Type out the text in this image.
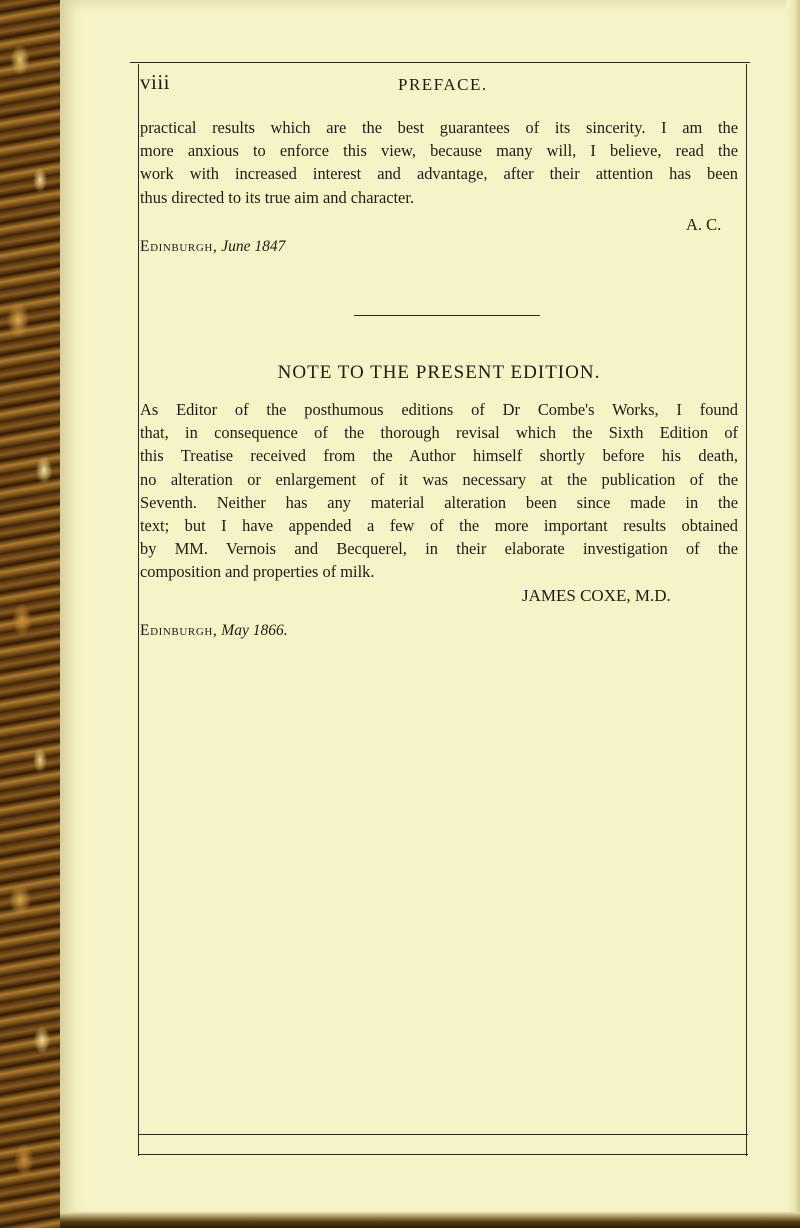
viii	PREFACE.
practical results which are the best guarantees of its sincerity. I am the
more anxious to enforce this view, because many will, I believe, read the
work with increased interest and advantage, after their attention has been
thus directed to its true aim and character.
A. C.
Edinburgh, June 1847
NOTE TO THE PRESENT EDITION.
As Editor of the posthumous editions of Dr Combe's Works, I found
that, in consequence of the thorough revisal which the Sixth Edition of
this Treatise received from the Author himself shortly before his death,
no alteration or enlargement of it was necessary at the publication of the
Seventh. Neither has any material alteration been since made in the
text; but I have appended a few of the more important results obtained
by MM. Vernois and Becquerel, in their elaborate investigation of the
composition and properties of milk.
JAMES COXE, M.D.
Edinburgh, May 1866.
